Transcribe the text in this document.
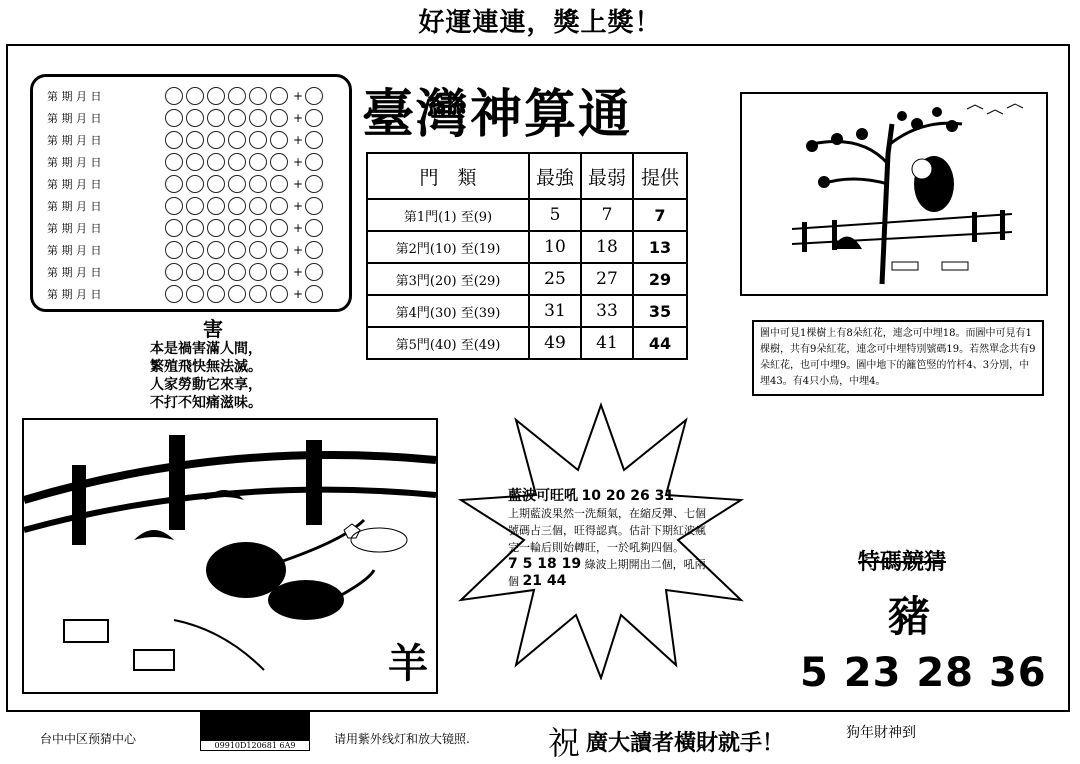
好運連連，獎上獎！
第 期 月 日	+
第 期 月 日	+
第 期 月 日	+
第 期 月 日	+
第 期 月 日	+
第 期 月 日	+
第 期 月 日	+
第 期 月 日	+
第 期 月 日	+
第 期 月 日	+
臺灣神算通
門　類	最強	最弱	提供
第1門(1) 至(9)	5	7	7
第2門(10) 至(19)	10	18	13
第3門(20) 至(29)	25	27	29
第4門(30) 至(39)	31	33	35
第5門(40) 至(49)	49	41	44
害
本是禍害滿人間，
繁殖飛快無法滅。
人家勞動它來享，
不打不知痛滋味。
圖中可見1棵樹上有8朵紅花，連念可中埋18。而圖中可見有1棵樹，共有9朵紅花，連念可中埋特別號碼19。若然單念共有9朵紅花，也可中埋9。圖中地下的籬笆竪的竹杆4、3分別，中埋43。有4只小鳥，中埋4。
羊
藍波可旺吼 10 20 26 31
上期藍波果然一洗頹氣，在縮反彈、七個號碼占三個，旺得認真。估計下期紅波瘋完一輪后則始轉旺，一於吼夠四個。
7 5 18 19 綠波上期開出二個，吼兩個 21 44
特碼競猜
豬
5 23 28 36
台中中区预猜中心	09910D120681 6A9	请用紫外线灯和放大镜照. 祝 廣大讀者橫財就手！	狗年財神到
